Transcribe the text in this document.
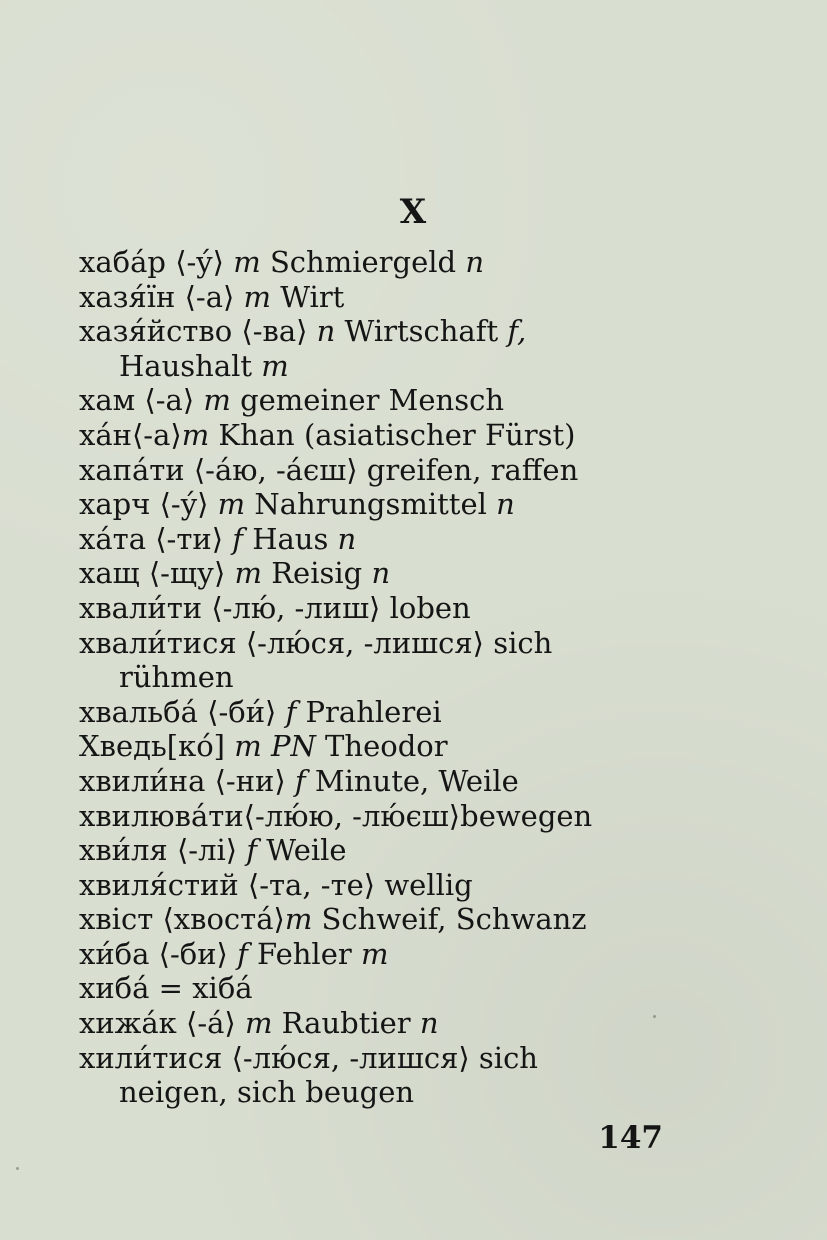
Х
хабáр ⟨-ý⟩ m Schmiergeld n
хазя́їн ⟨-а⟩ m Wirt
хазя́йство ⟨-ва⟩ n Wirtschaft f,
Haushalt m
хам ⟨-а⟩ m gemeiner Mensch
хáн⟨-а⟩m Khan (asiatischer Fürst)
хапáти ⟨-áю, -áєш⟩ greifen, raffen
харч ⟨-ý⟩ m Nahrungsmittel n
хáта ⟨-ти⟩ f Haus n
хащ ⟨-щу⟩ m Reisig n
хвали́ти ⟨-лю́, -лиш⟩ loben
хвали́тися ⟨-лю́ся, -лишся⟩ sich
rühmen
хвальбá ⟨-би́⟩ f Prahlerei
Хведь[кó] m PN Theodor
хвили́на ⟨-ни⟩ f Minute, Weile
хвилювáти⟨-лю́ю, -лю́єш⟩bewegen
хви́ля ⟨-лі⟩ f Weile
хвиля́стий ⟨-та, -те⟩ wellig
хвіст ⟨хвостá⟩m Schweif, Schwanz
хи́ба ⟨-би⟩ f Fehler m
хибá = хібá
хижáк ⟨-á⟩ m Raubtier n
хили́тися ⟨-лю́ся, -лишся⟩ sich
neigen, sich beugen
147
